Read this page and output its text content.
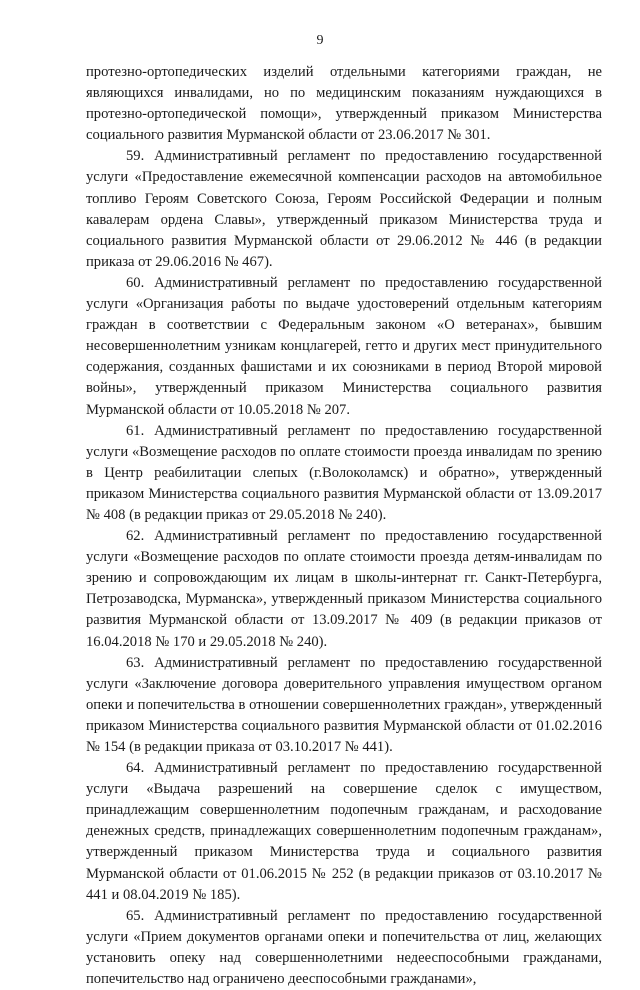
9

протезно-ортопедических изделий отдельными категориями граждан, не являющихся инвалидами, но по медицинским показаниям нуждающихся в протезно-ортопедической помощи», утвержденный приказом Министерства социального развития Мурманской области от 23.06.2017 № 301.

59. Административный регламент по предоставлению государственной услуги «Предоставление ежемесячной компенсации расходов на автомобильное топливо Героям Советского Союза, Героям Российской Федерации и полным кавалерам ордена Славы», утвержденный приказом Министерства труда и социального развития Мурманской области от 29.06.2012 № 446 (в редакции приказа от 29.06.2016 № 467).

60. Административный регламент по предоставлению государственной услуги «Организация работы по выдаче удостоверений отдельным категориям граждан в соответствии с Федеральным законом «О ветеранах», бывшим несовершеннолетним узникам концлагерей, гетто и других мест принудительного содержания, созданных фашистами и их союзниками в период Второй мировой войны», утвержденный приказом Министерства социального развития Мурманской области от 10.05.2018 № 207.

61. Административный регламент по предоставлению государственной услуги «Возмещение расходов по оплате стоимости проезда инвалидам по зрению в Центр реабилитации слепых (г.Волоколамск) и обратно», утвержденный приказом Министерства социального развития Мурманской области от 13.09.2017 № 408 (в редакции приказ от 29.05.2018 № 240).

62. Административный регламент по предоставлению государственной услуги «Возмещение расходов по оплате стоимости проезда детям-инвалидам по зрению и сопровождающим их лицам в школы-интернат гг. Санкт-Петербурга, Петрозаводска, Мурманска», утвержденный приказом Министерства социального развития Мурманской области от 13.09.2017 № 409 (в редакции приказов от 16.04.2018 № 170 и 29.05.2018 № 240).

63. Административный регламент по предоставлению государственной услуги «Заключение договора доверительного управления имуществом органом опеки и попечительства в отношении совершеннолетних граждан», утвержденный приказом Министерства социального развития Мурманской области от 01.02.2016 № 154 (в редакции приказа от 03.10.2017 № 441).

64. Административный регламент по предоставлению государственной услуги «Выдача разрешений на совершение сделок с имуществом, принадлежащим совершеннолетним подопечным гражданам, и расходование денежных средств, принадлежащих совершеннолетним подопечным гражданам», утвержденный приказом Министерства труда и социального развития Мурманской области от 01.06.2015 № 252 (в редакции приказов от 03.10.2017 № 441 и 08.04.2019 № 185).

65. Административный регламент по предоставлению государственной услуги «Прием документов органами опеки и попечительства от лиц, желающих установить опеку над совершеннолетними недееспособными гражданами, попечительство над ограничено дееспособными гражданами»,
